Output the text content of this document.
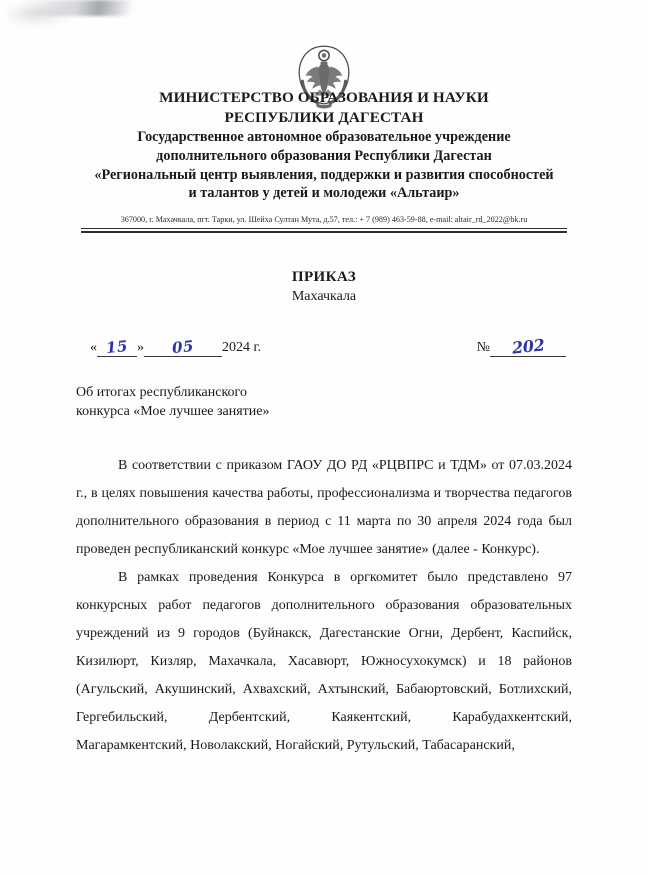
МИНИСТЕРСТВО ОБРАЗОВАНИЯ И НАУКИ
РЕСПУБЛИКИ ДАГЕСТАН
Государственное автономное образовательное учреждение
дополнительного образования Республики Дагестан
«Региональный центр выявления, поддержки и развития способностей
и талантов у детей и молодежи «Альтаир»
367000, г. Махачкала, пгт. Тарки, ул. Шейха Султан Мута, д.57, тел.: + 7 (989) 463-59-88, e-mail: altair_rd_2022@bk.ru
ПРИКАЗ
Махачкала
« 15 » 05 2024 г.	№ 202
Об итогах республиканского
конкурса «Мое лучшее занятие»

В соответствии с приказом ГАОУ ДО РД «РЦВПРС и ТДМ» от 07.03.2024 г., в целях повышения качества работы, профессионализма и творчества педагогов дополнительного образования в период с 11 марта по 30 апреля 2024 года был проведен республиканский конкурс «Мое лучшее занятие» (далее - Конкурс).

В рамках проведения Конкурса в оргкомитет было представлено 97 конкурсных работ педагогов дополнительного образования образовательных учреждений из 9 городов (Буйнакск, Дагестанские Огни, Дербент, Каспийск, Кизилюрт, Кизляр, Махачкала, Хасавюрт, Южносухокумск) и 18 районов (Агульский, Акушинский, Ахвахский, Ахтынский, Бабаюртовский, Ботлихский, Гергебильский, Дербентский, Каякентский, Карабудахкентский, Магарамкентский, Новолакский, Ногайский, Рутульский, Табасаранский,
